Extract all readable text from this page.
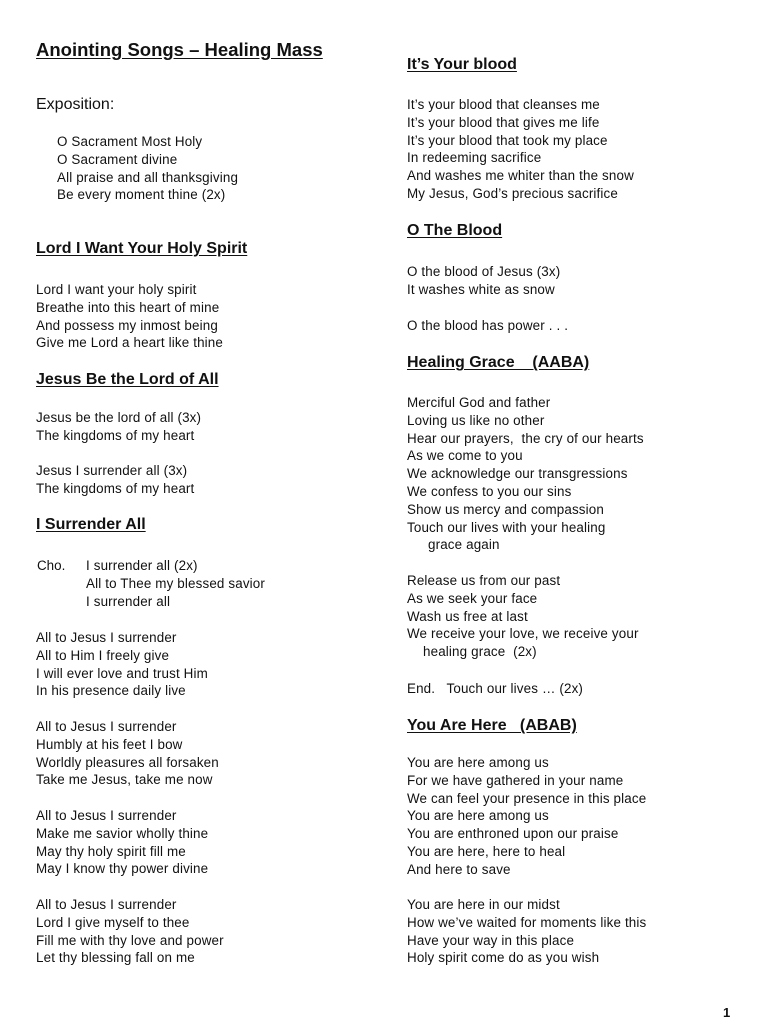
Anointing Songs – Healing Mass
Exposition:
O Sacrament Most Holy
O Sacrament divine
All praise and all thanksgiving
Be every moment thine (2x)
Lord I Want Your Holy Spirit
Lord I want your holy spirit
Breathe into this heart of mine
And possess my inmost being
Give me Lord a heart like thine
Jesus Be the Lord of All
Jesus be the lord of all (3x)
The kingdoms of my heart
Jesus I surrender all (3x)
The kingdoms of my heart
I Surrender All
Cho. I surrender all (2x)
All to Thee my blessed savior
I surrender all
All to Jesus I surrender
All to Him I freely give
I will ever love and trust Him
In his presence daily live
All to Jesus I surrender
Humbly at his feet I bow
Worldly pleasures all forsaken
Take me Jesus, take me now
All to Jesus I surrender
Make me savior wholly thine
May thy holy spirit fill me
May I know thy power divine
All to Jesus I surrender
Lord I give myself to thee
Fill me with thy love and power
Let thy blessing fall on me
It’s Your blood
It’s your blood that cleanses me
It’s your blood that gives me life
It’s your blood that took my place
In redeeming sacrifice
And washes me whiter than the snow
My Jesus, God’s precious sacrifice
O The Blood
O the blood of Jesus (3x)
It washes white as snow
O the blood has power . . .
Healing Grace    (AABA)
Merciful God and father
Loving us like no other
Hear our prayers,  the cry of our hearts
As we come to you
We acknowledge our transgressions
We confess to you our sins
Show us mercy and compassion
Touch our lives with your healing
grace again
Release us from our past
As we seek your face
Wash us free at last
We receive your love, we receive your
healing grace  (2x)
End.   Touch our lives … (2x)
You Are Here   (ABAB)
You are here among us
For we have gathered in your name
We can feel your presence in this place
You are here among us
You are enthroned upon our praise
You are here, here to heal
And here to save
You are here in our midst
How we’ve waited for moments like this
Have your way in this place
Holy spirit come do as you wish
1
